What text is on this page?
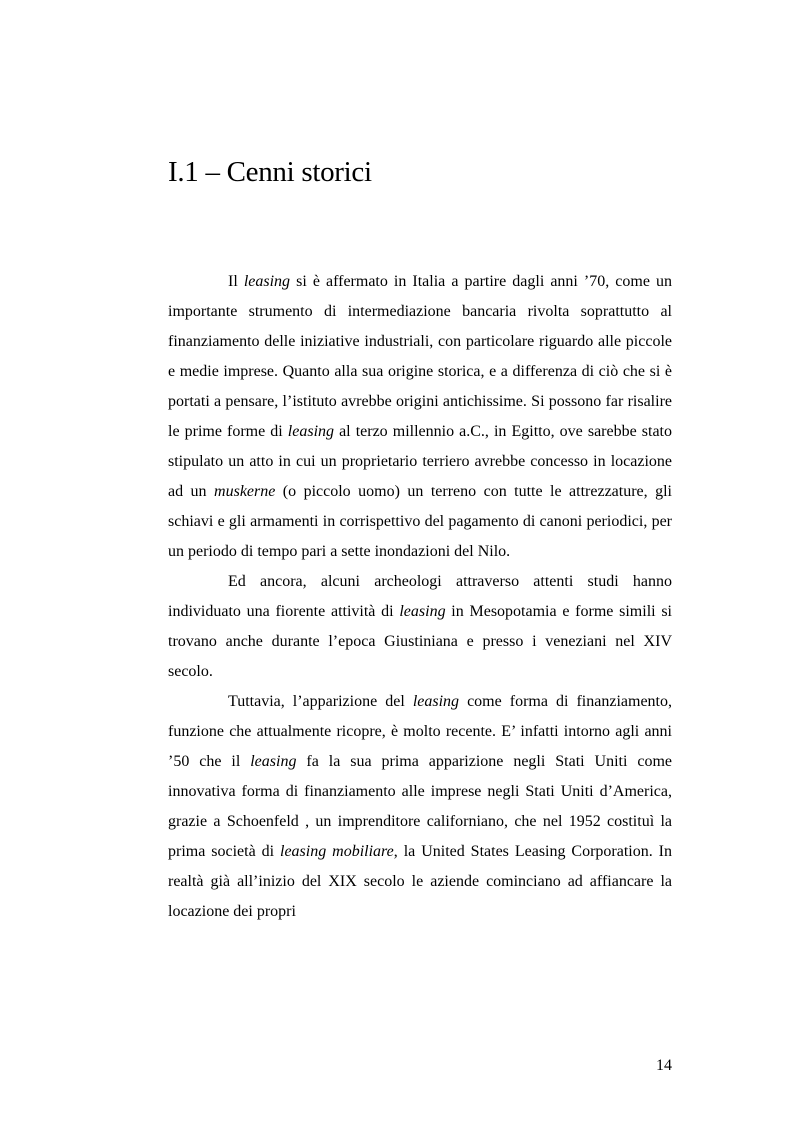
I.1 – Cenni storici

Il leasing si è affermato in Italia a partire dagli anni ’70, come un importante strumento di intermediazione bancaria rivolta soprattutto al finanziamento delle iniziative industriali, con particolare riguardo alle piccole e medie imprese. Quanto alla sua origine storica, e a differenza di ciò che si è portati a pensare, l’istituto avrebbe origini antichissime. Si possono far risalire le prime forme di leasing al terzo millennio a.C., in Egitto, ove sarebbe stato stipulato un atto in cui un proprietario terriero avrebbe concesso in locazione ad un muskerne (o piccolo uomo) un terreno con tutte le attrezzature, gli schiavi e gli armamenti in corrispettivo del pagamento di canoni periodici, per un periodo di tempo pari a sette inondazioni del Nilo.

Ed ancora, alcuni archeologi attraverso attenti studi hanno individuato una fiorente attività di leasing in Mesopotamia e forme simili si trovano anche durante l’epoca Giustiniana e presso i veneziani nel XIV secolo.

Tuttavia, l’apparizione del leasing come forma di finanziamento, funzione che attualmente ricopre, è molto recente. E’ infatti intorno agli anni ’50 che il leasing fa la sua prima apparizione negli Stati Uniti come innovativa forma di finanziamento alle imprese negli Stati Uniti d’America, grazie a Schoenfeld , un imprenditore californiano, che nel 1952 costituì la prima società di leasing mobiliare, la United States Leasing Corporation. In realtà già all’inizio del XIX secolo le aziende cominciano ad affiancare la locazione dei propri

14
